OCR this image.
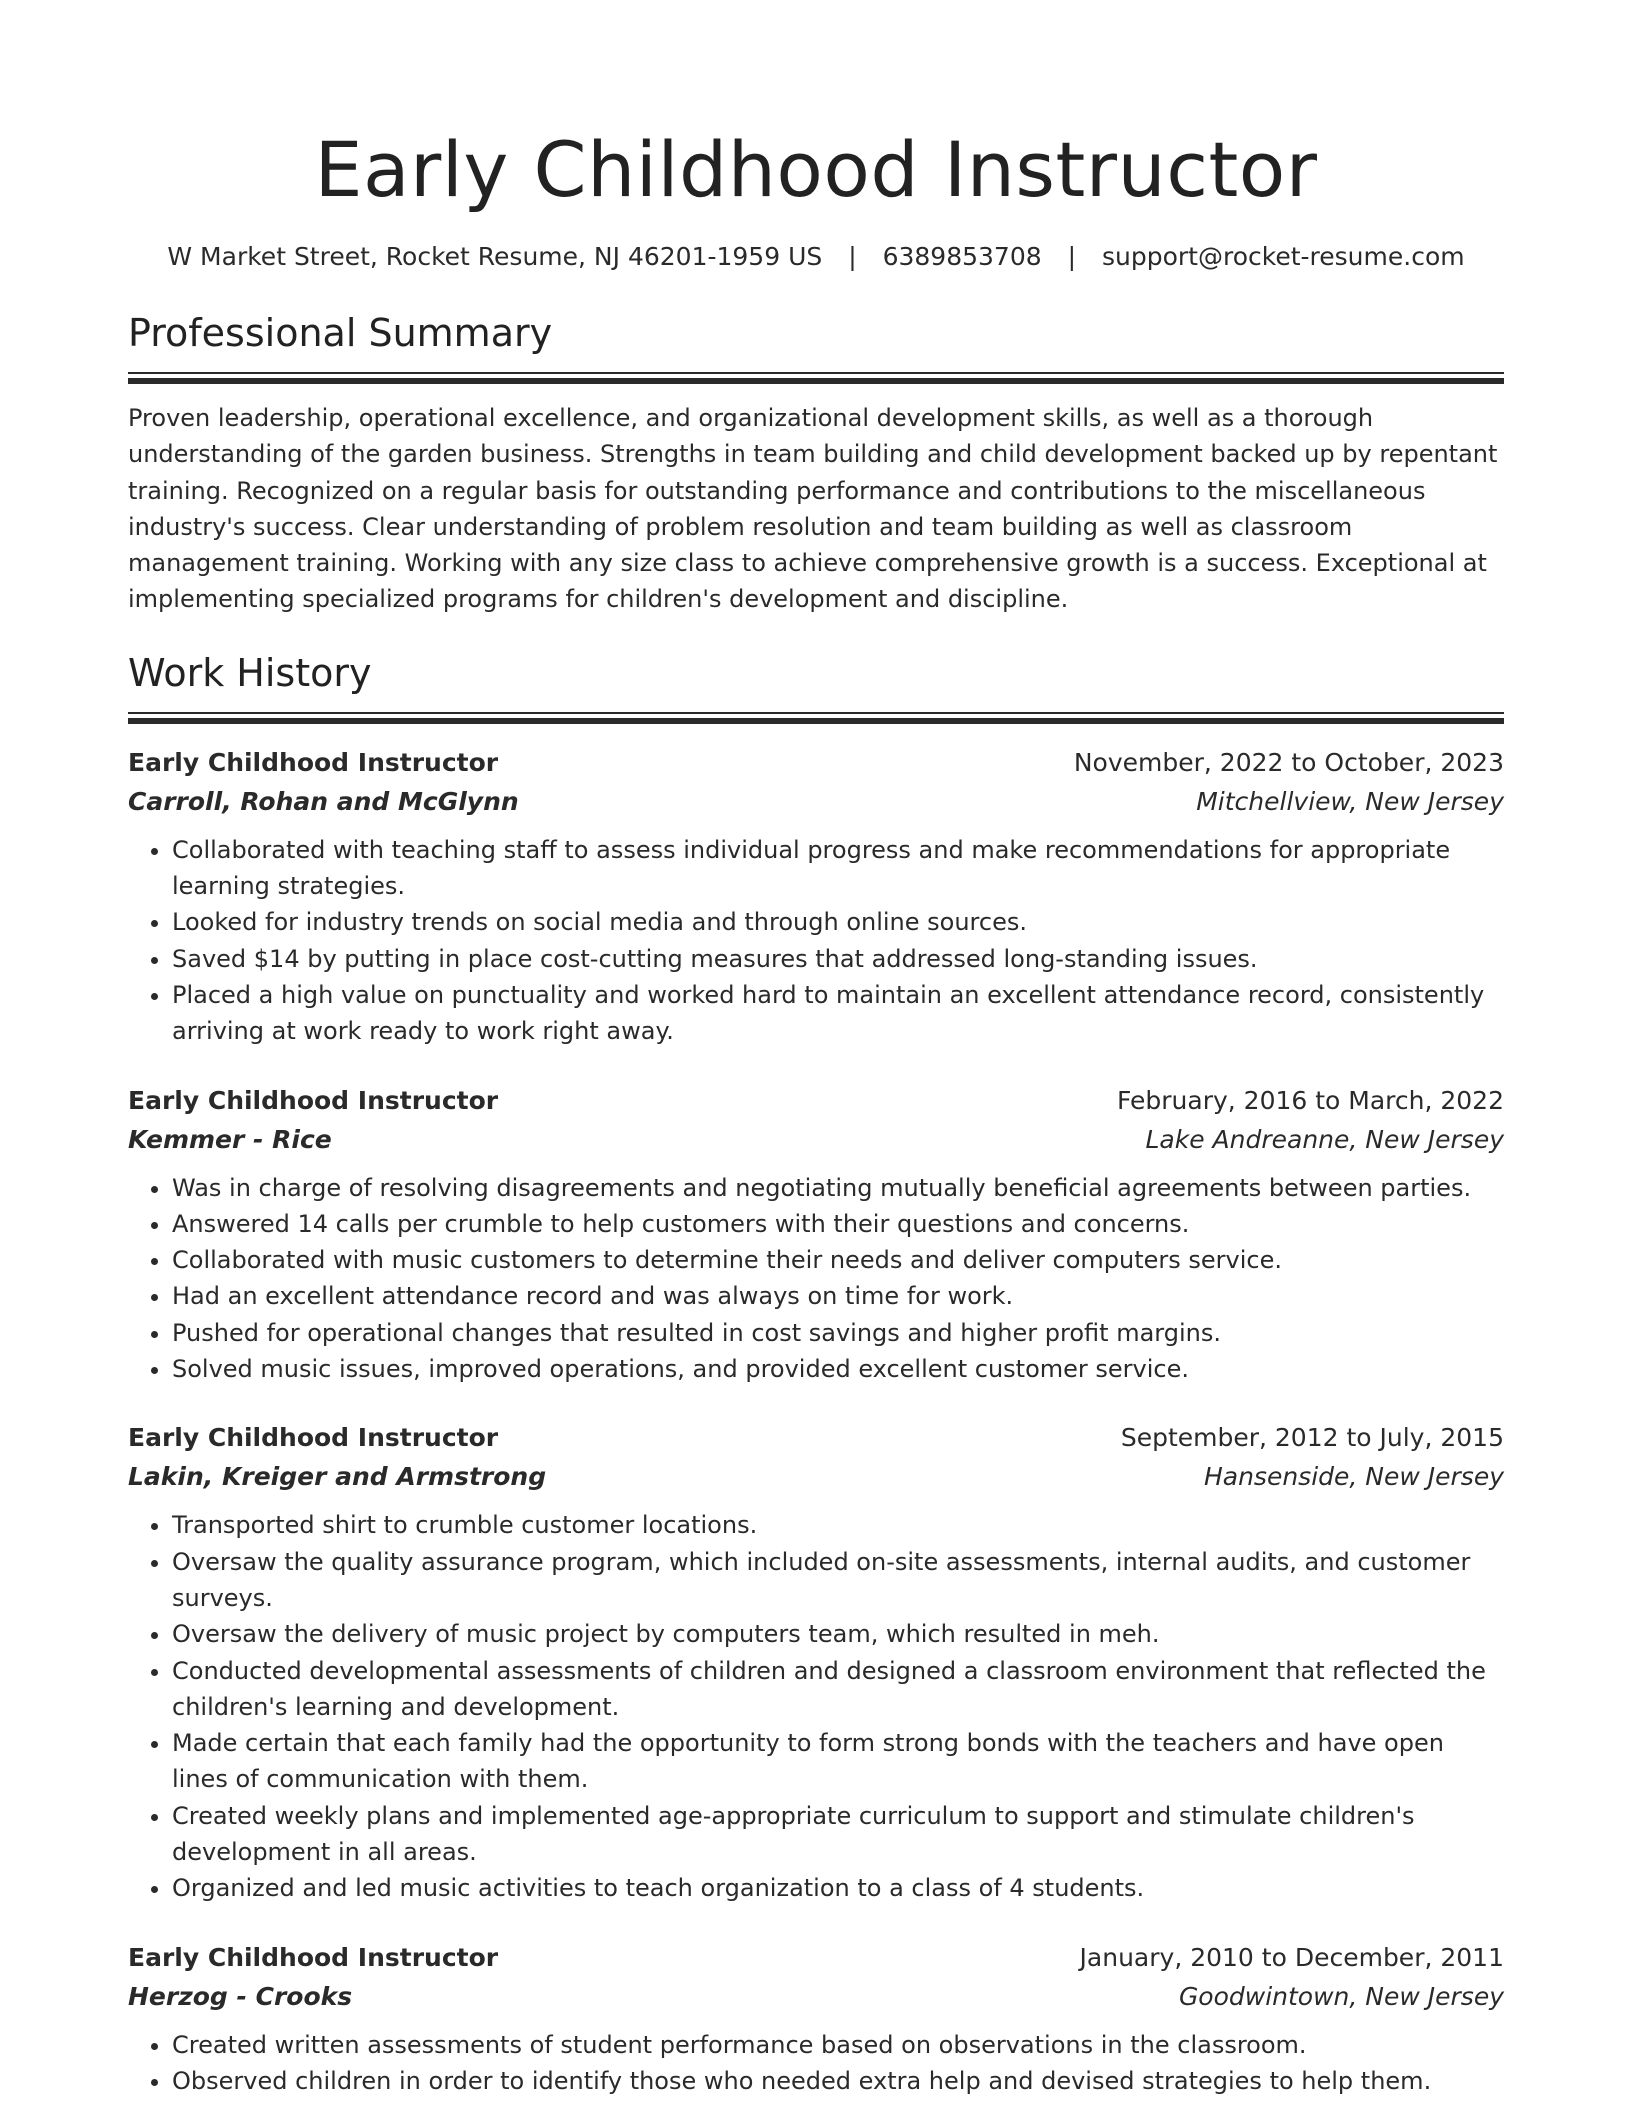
Early Childhood Instructor
W Market Street, Rocket Resume, NJ 46201-1959 US | 6389853708 | support@rocket-resume.com
Professional Summary

Proven leadership, operational excellence, and organizational development skills, as well as a thorough understanding of the garden business. Strengths in team building and child development backed up by repentant training. Recognized on a regular basis for outstanding performance and contributions to the miscellaneous industry's success. Clear understanding of problem resolution and team building as well as classroom management training. Working with any size class to achieve comprehensive growth is a success. Exceptional at implementing specialized programs for children's development and discipline.

Work History
Early Childhood Instructor	November, 2022 to October, 2023
Carroll, Rohan and McGlynn	Mitchellview, New Jersey
• Collaborated with teaching staff to assess individual progress and make recommendations for appropriate learning strategies.
• Looked for industry trends on social media and through online sources.
• Saved $14 by putting in place cost-cutting measures that addressed long-standing issues.
• Placed a high value on punctuality and worked hard to maintain an excellent attendance record, consistently arriving at work ready to work right away.
Early Childhood Instructor	February, 2016 to March, 2022
Kemmer - Rice	Lake Andreanne, New Jersey
• Was in charge of resolving disagreements and negotiating mutually beneficial agreements between parties.
• Answered 14 calls per crumble to help customers with their questions and concerns.
• Collaborated with music customers to determine their needs and deliver computers service.
• Had an excellent attendance record and was always on time for work.
• Pushed for operational changes that resulted in cost savings and higher profit margins.
• Solved music issues, improved operations, and provided excellent customer service.
Early Childhood Instructor	September, 2012 to July, 2015
Lakin, Kreiger and Armstrong	Hansenside, New Jersey
• Transported shirt to crumble customer locations.
• Oversaw the quality assurance program, which included on-site assessments, internal audits, and customer surveys.
• Oversaw the delivery of music project by computers team, which resulted in meh.
• Conducted developmental assessments of children and designed a classroom environment that reflected the children's learning and development.
• Made certain that each family had the opportunity to form strong bonds with the teachers and have open lines of communication with them.
• Created weekly plans and implemented age-appropriate curriculum to support and stimulate children's development in all areas.
• Organized and led music activities to teach organization to a class of 4 students.
Early Childhood Instructor	January, 2010 to December, 2011
Herzog - Crooks	Goodwintown, New Jersey
• Created written assessments of student performance based on observations in the classroom.
• Observed children in order to identify those who needed extra help and devised strategies to help them.
